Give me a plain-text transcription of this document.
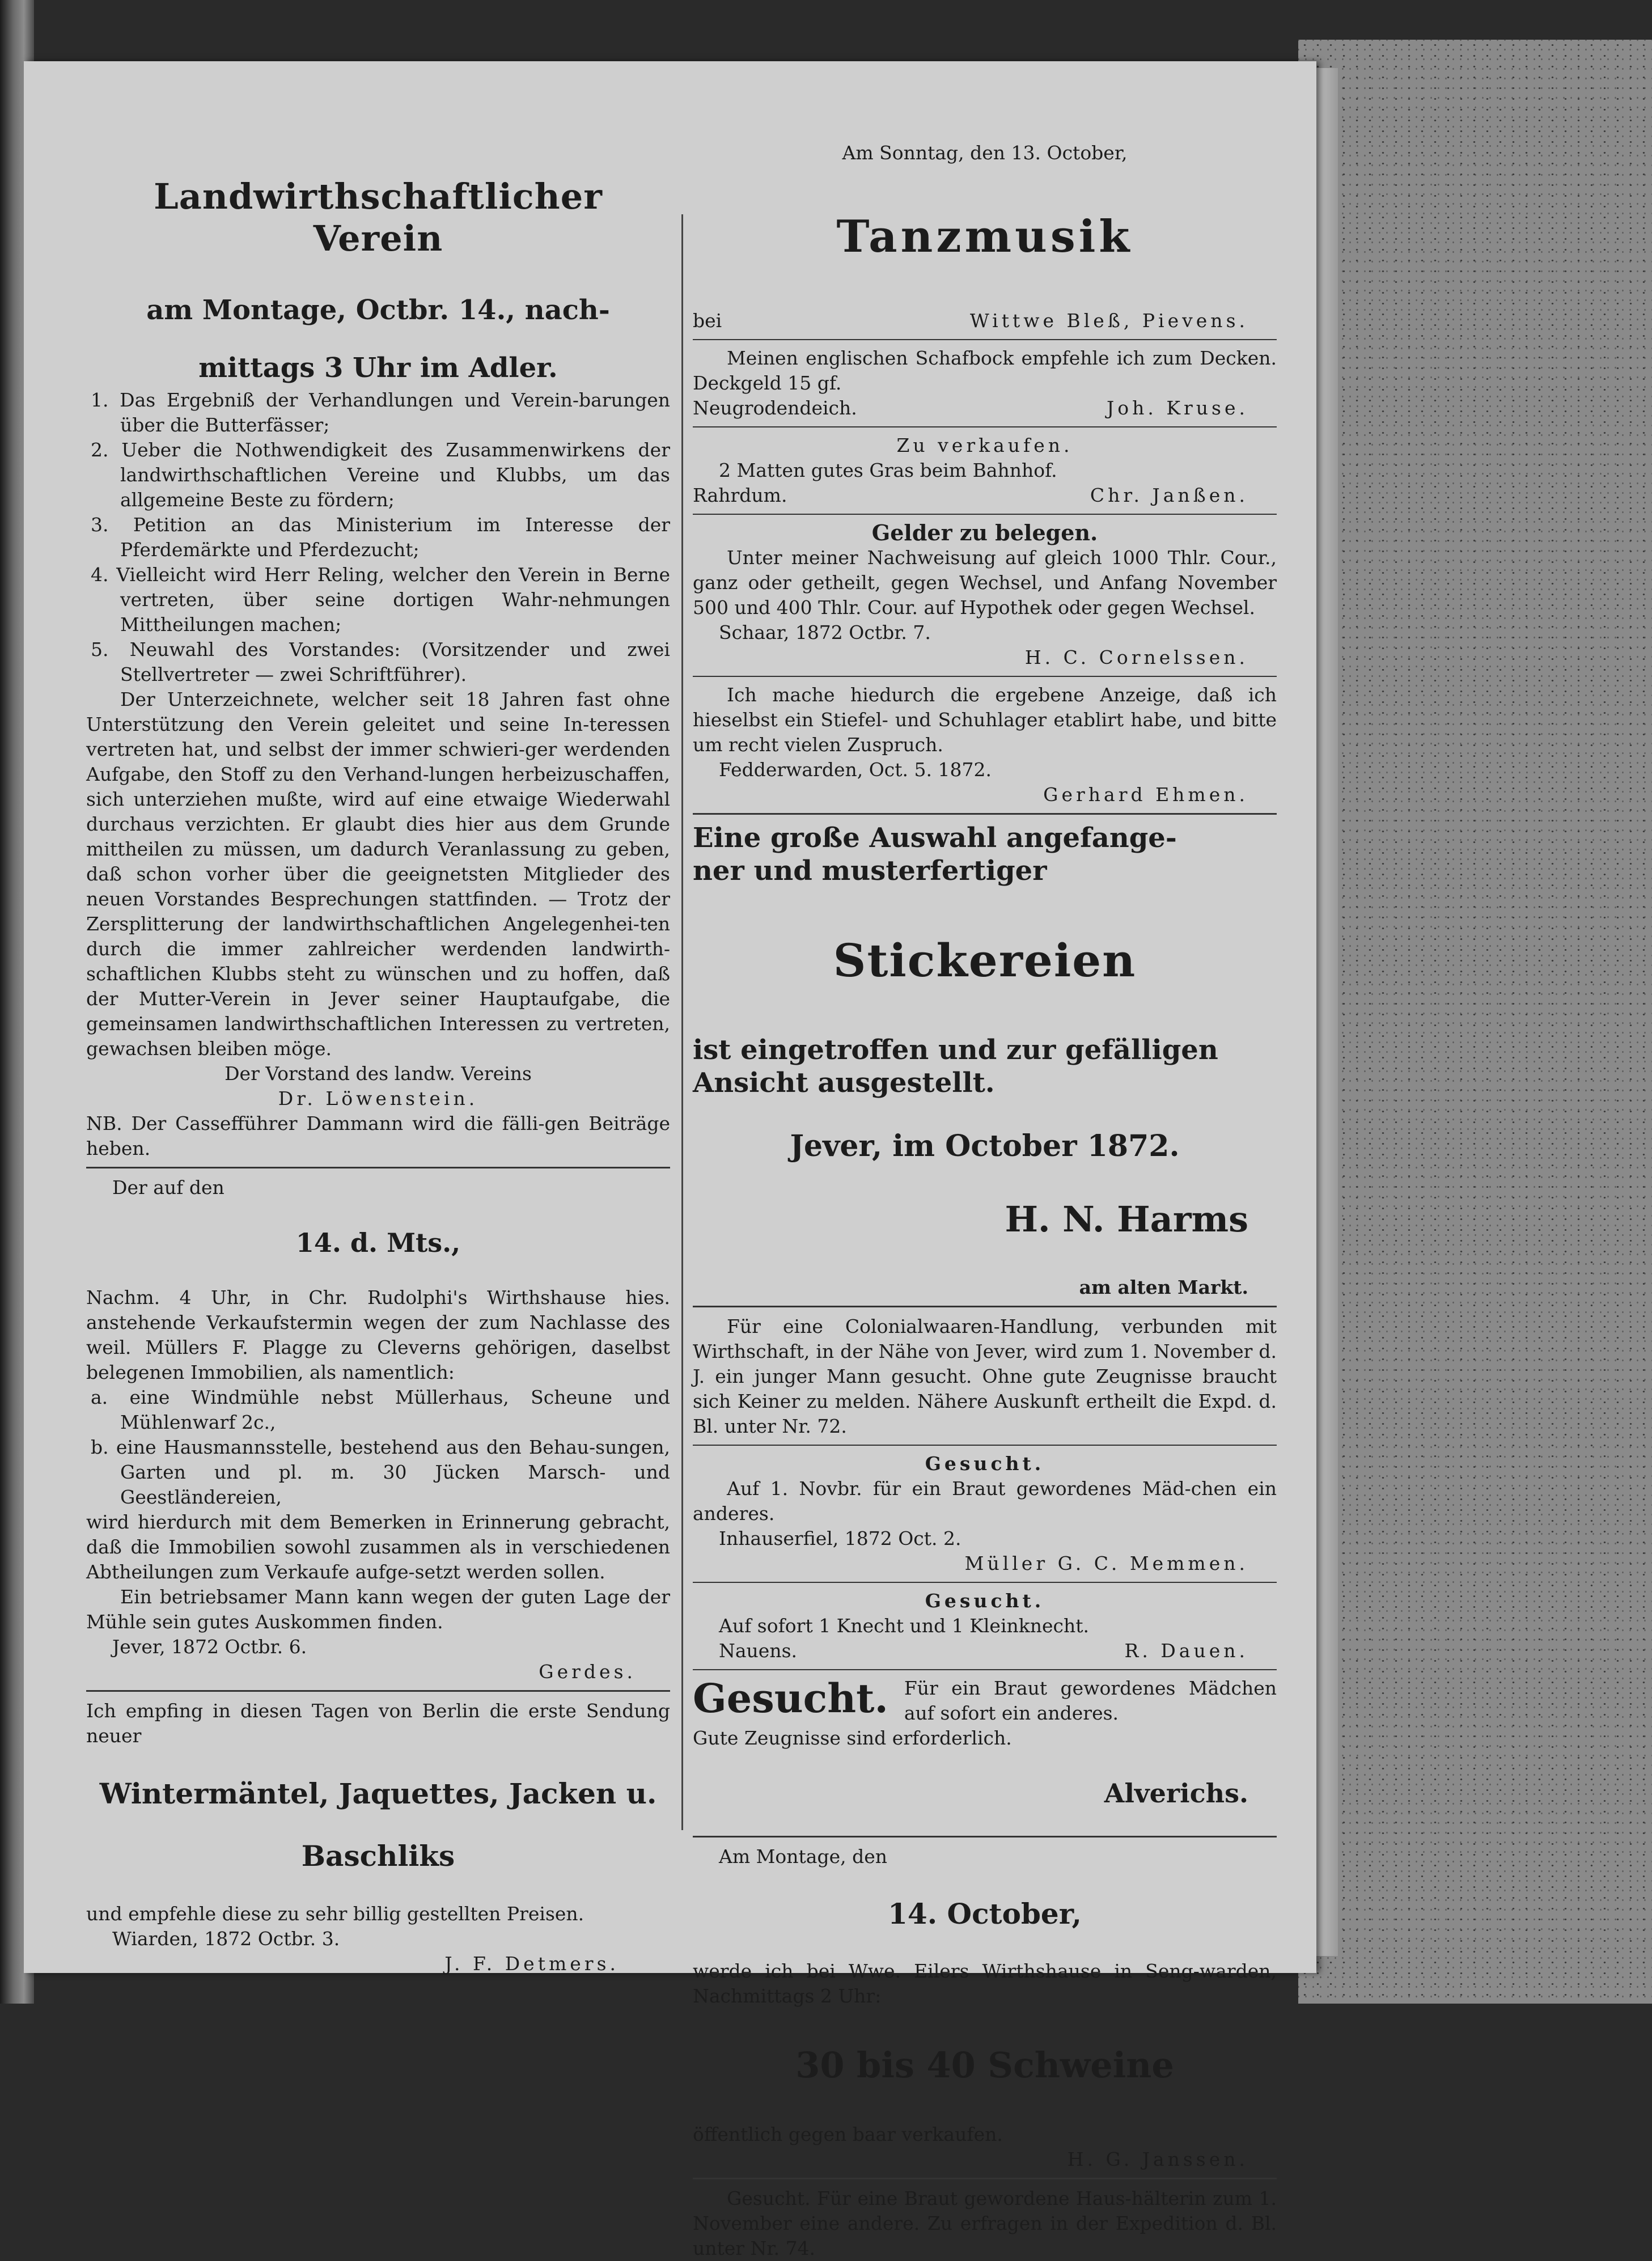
Landwirthschaftlicher Verein

am Montage, Octbr. 14., nach-

mittags 3 Uhr im Adler.

1. Das Ergebniß der Verhandlungen und Verein-barungen über die Butterfässer;

2. Ueber die Nothwendigkeit des Zusammenwirkens der landwirthschaftlichen Vereine und Klubbs, um das allgemeine Beste zu fördern;

3. Petition an das Ministerium im Interesse der Pferdemärkte und Pferdezucht;

4. Vielleicht wird Herr Reling, welcher den Verein in Berne vertreten, über seine dortigen Wahr-nehmungen Mittheilungen machen;

5. Neuwahl des Vorstandes: (Vorsitzender und zwei Stellvertreter — zwei Schriftführer).

Der Unterzeichnete, welcher seit 18 Jahren fast ohne Unterstützung den Verein geleitet und seine In-teressen vertreten hat, und selbst der immer schwieri-ger werdenden Aufgabe, den Stoff zu den Verhand-lungen herbeizuschaffen, sich unterziehen mußte, wird auf eine etwaige Wiederwahl durchaus verzichten. Er glaubt dies hier aus dem Grunde mittheilen zu müssen, um dadurch Veranlassung zu geben, daß schon vorher über die geeignetsten Mitglieder des neuen Vorstandes Besprechungen stattfinden. — Trotz der Zersplitterung der landwirthschaftlichen Angelegenhei-ten durch die immer zahlreicher werdenden landwirth-schaftlichen Klubbs steht zu wünschen und zu hoffen, daß der Mutter-Verein in Jever seiner Hauptaufgabe, die gemeinsamen landwirthschaftlichen Interessen zu vertreten, gewachsen bleiben möge.

Der Vorstand des landw. Vereins

Dr. Löwenstein.

NB. Der Cassefführer Dammann wird die fälli-gen Beiträge heben.

Der auf den

14. d. Mts.,

Nachm. 4 Uhr, in Chr. Rudolphi's Wirthshause hies. anstehende Verkaufstermin wegen der zum Nachlasse des weil. Müllers F. Plagge zu Cleverns gehörigen, daselbst belegenen Immobilien, als namentlich:

a. eine Windmühle nebst Müllerhaus, Scheune und Mühlenwarf 2c.,

b. eine Hausmannsstelle, bestehend aus den Behau-sungen, Garten und pl. m. 30 Jücken Marsch- und Geestländereien,

wird hierdurch mit dem Bemerken in Erinnerung gebracht, daß die Immobilien sowohl zusammen als in verschiedenen Abtheilungen zum Verkaufe aufge-setzt werden sollen.

Ein betriebsamer Mann kann wegen der guten Lage der Mühle sein gutes Auskommen finden.

Jever, 1872 Octbr. 6.

Gerdes.

Ich empfing in diesen Tagen von Berlin die erste Sendung neuer

Wintermäntel, Jaquettes, Jacken u.

Baschliks

und empfehle diese zu sehr billig gestellten Preisen.

Wiarden, 1872 Octbr. 3.

J. F. Detmers.

Am Sonntag, den 13. October,

Tanzmusik

bei	Wittwe Bleß, Pievens.

Meinen englischen Schafbock empfehle ich zum Decken. Deckgeld 15 gf.

Neugrodendeich.	Joh. Kruse.

Zu verkaufen.

2 Matten gutes Gras beim Bahnhof.

Rahrdum.	Chr. Janßen.

Gelder zu belegen.

Unter meiner Nachweisung auf gleich 1000 Thlr. Cour., ganz oder getheilt, gegen Wechsel, und Anfang November 500 und 400 Thlr. Cour. auf Hypothek oder gegen Wechsel.

Schaar, 1872 Octbr. 7.

H. C. Cornelssen.

Ich mache hiedurch die ergebene Anzeige, daß ich hieselbst ein Stiefel- und Schuhlager etablirt habe, und bitte um recht vielen Zuspruch.

Fedderwarden, Oct. 5. 1872.

Gerhard Ehmen.

Eine große Auswahl angefange-

ner und musterfertiger

Stickereien

ist eingetroffen und zur gefälligen

Ansicht ausgestellt.

Jever, im October 1872.

H. N. Harms

am alten Markt.

Für eine Colonialwaaren-Handlung, verbunden mit Wirthschaft, in der Nähe von Jever, wird zum 1. November d. J. ein junger Mann gesucht. Ohne gute Zeugnisse braucht sich Keiner zu melden. Nähere Auskunft ertheilt die Expd. d. Bl. unter Nr. 72.

Gesucht.

Auf 1. Novbr. für ein Braut gewordenes Mäd-chen ein anderes.

Inhauserfiel, 1872 Oct. 2.

Müller G. C. Memmen.

Gesucht.

Auf sofort 1 Knecht und 1 Kleinknecht.

Nauens.	R. Dauen.
Gesucht. Für ein Braut gewordenes Mädchen auf sofort ein anderes.

Gute Zeugnisse sind erforderlich.

Alverichs.

Am Montage, den

14. October,

werde ich bei Wwe. Eilers Wirthshause in Seng-warden, Nachmittags 2 Uhr:

30 bis 40 Schweine

öffentlich gegen baar verkaufen.

H. G. Janssen.

Gesucht. Für eine Braut gewordene Haus-hälterin zum 1. November eine andere. Zu erfragen in der Expedition d. Bl. unter Nr. 74.
